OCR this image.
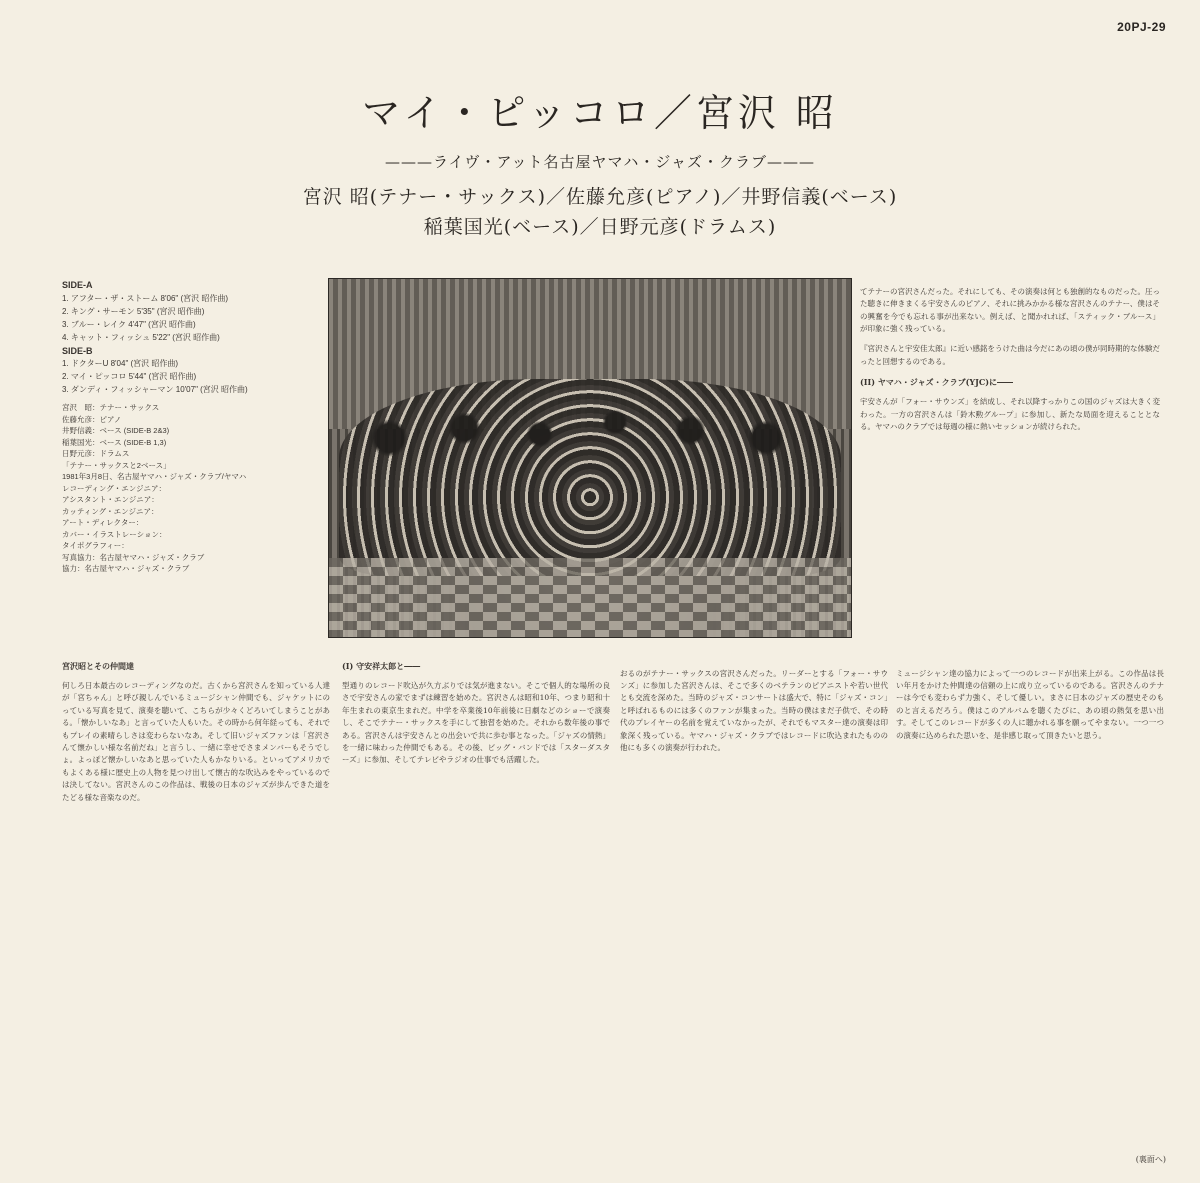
20PJ-29
マイ・ピッコロ／宮沢 昭
———ライヴ・アット名古屋ヤマハ・ジャズ・クラブ———
宮沢 昭(テナー・サックス)／佐藤允彦(ピアノ)／井野信義(ベース)
稲葉国光(ベース)／日野元彦(ドラムス)
SIDE-A
1. アフター・ザ・ストーム 8'06" (宮沢 昭作曲)
2. キング・サーモン 5'35" (宮沢 昭作曲)
3. ブルー・レイク 4'47" (宮沢 昭作曲)
4. キャット・フィッシュ 5'22" (宮沢 昭作曲)
SIDE-B
1. ドクターU 8'04" (宮沢 昭作曲)
2. マイ・ピッコロ 5'44" (宮沢 昭作曲)
3. ダンディ・フィッシャーマン 10'07" (宮沢 昭作曲)
宮沢　昭：テナー・サックス
佐藤允彦：ピアノ
井野信義：ベース (SIDE-B 2&3)
稲葉国光：ベース (SIDE-B 1,3)
日野元彦：ドラムス
「テナー・サックスと2ベース」
1981年3月8日、名古屋ヤマハ・ジャズ・クラブ/ヤマハ
レコーディング・エンジニア：
アシスタント・エンジニア：
カッティング・エンジニア：
アート・ディレクター：
カバー・イラストレーション：
タイポグラフィー：
写真協力：名古屋ヤマハ・ジャズ・クラブ
協力：名古屋ヤマハ・ジャズ・クラブ

てテナーの宮沢さんだった。それにしても、その演奏は何とも独創的なものだった。圧った聴きに伸きまくる宇安さんのピアノ、それに挑みかかる様な宮沢さんのテナー、僕はその興奮を今でも忘れる事が出来ない。例えば、と聞かれれば、「スティック・ブルース」が印象に強く残っている。

『宮沢さんと宇安佳太郎』に近い感銘をうけた曲は今だにあの頃の僕が同時期的な体験だったと回想するのである。

(II) ヤマハ・ジャズ・クラブ(YJC)に――

宇安さんが「フォー・サウンズ」を結成し、それ以降すっかりこの国のジャズは大きく変わった。一方の宮沢さんは「鈴木勲グループ」に参加し、新たな局面を迎えることとなる。ヤマハのクラブでは毎週の様に熱いセッションが続けられた。

宮沢昭とその仲間達

何しろ日本最古のレコーディングなのだ。古くから宮沢さんを知っている人達が「宮ちゃん」と呼び親しんでいるミュージシャン仲間でも、ジャケットにのっている写真を見て、演奏を聴いて、こちらが少々くどろいてしまうことがある。「懐かしいなあ」と言っていた人もいた。その時から何年経っても、それでもプレイの素晴らしさは変わらないなあ。そして旧いジャズファンは「宮沢さんて懐かしい様な名前だね」と言うし、一緒に幸せでさまメンバーもそうでしょ。よっぽど懐かしいなあと思っていた人もかなりいる。といってアメリカでもよくある様に歴史上の人物を見つけ出して懐古的な吹込みをやっているのでは決してない。宮沢さんのこの作品は、戦後の日本のジャズが歩んできた道をたどる様な音楽なのだ。

(I) 守安祥太郎と――

型通りのレコード吹込が久方ぶりでは気が進まない。そこで個人的な場所の良さで宇安さんの家でまずは練習を始めた。宮沢さんは昭和10年、つまり昭和十年生まれの東京生まれだ。中学を卒業後10年前後に日劇などのショーで演奏し、そこでテナー・サックスを手にして独習を始めた。それから数年後の事である。宮沢さんは宇安さんとの出会いで共に歩む事となった。「ジャズの情熱」を一緒に味わった仲間でもある。その後、ビッグ・バンドでは「スターダスターズ」に参加、そしてテレビやラジオの仕事でも活躍した。

おるのがテナー・サックスの宮沢さんだった。リーダーとする「フォー・サウンズ」に参加した宮沢さんは、そこで多くのベテランのピアニストや若い世代とも交流を深めた。当時のジャズ・コンサートは盛大で、特に「ジャズ・コン」と呼ばれるものには多くのファンが集まった。当時の僕はまだ子供で、その時代のプレイヤーの名前を覚えていなかったが、それでもマスター達の演奏は印象深く残っている。ヤマハ・ジャズ・クラブではレコードに吹込まれたものの他にも多くの演奏が行われた。

ミュージシャン達の協力によって一つのレコードが出来上がる。この作品は長い年月をかけた仲間達の信頼の上に成り立っているのである。宮沢さんのテナーは今でも変わらず力強く、そして優しい。まさに日本のジャズの歴史そのものと言えるだろう。僕はこのアルバムを聴くたびに、あの頃の熱気を思い出す。そしてこのレコードが多くの人に聴かれる事を願ってやまない。一つ一つの演奏に込められた思いを、是非感じ取って頂きたいと思う。

(裏面へ)
